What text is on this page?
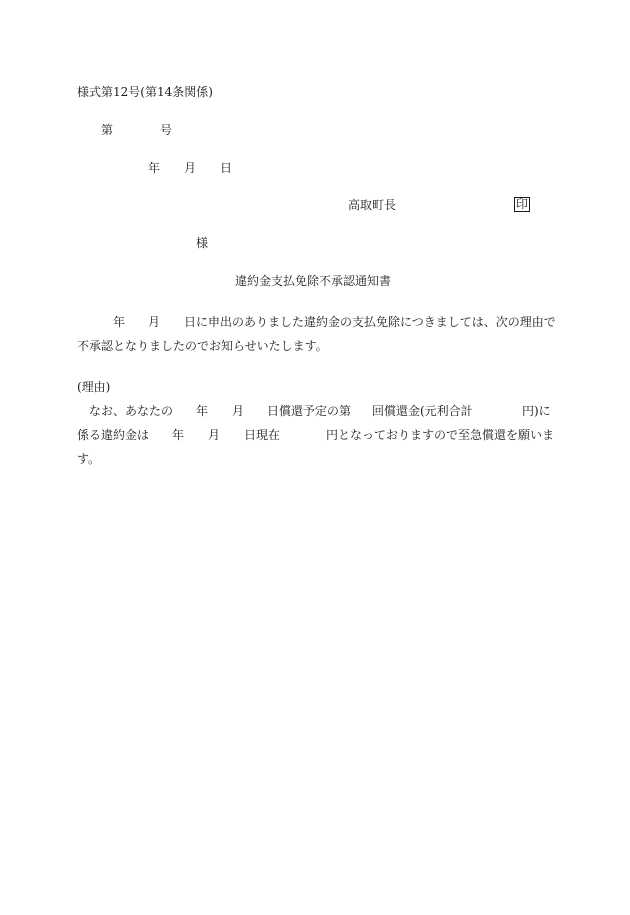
様式第12号(第14条関係)
第	号
年 月 日
高取町長	印
様
違約金支払免除不承認通知書
年 月 日に申出のありました違約金の支払免除につきましては、次の理由で
不承認となりましたのでお知らせいたします。
(理由)
なお、あなたの 年 月 日償還予定の第 回償還金(元利合計	円)に
係る違約金は 年 月 日現在	円となっておりますので至急償還を願いま
す。
